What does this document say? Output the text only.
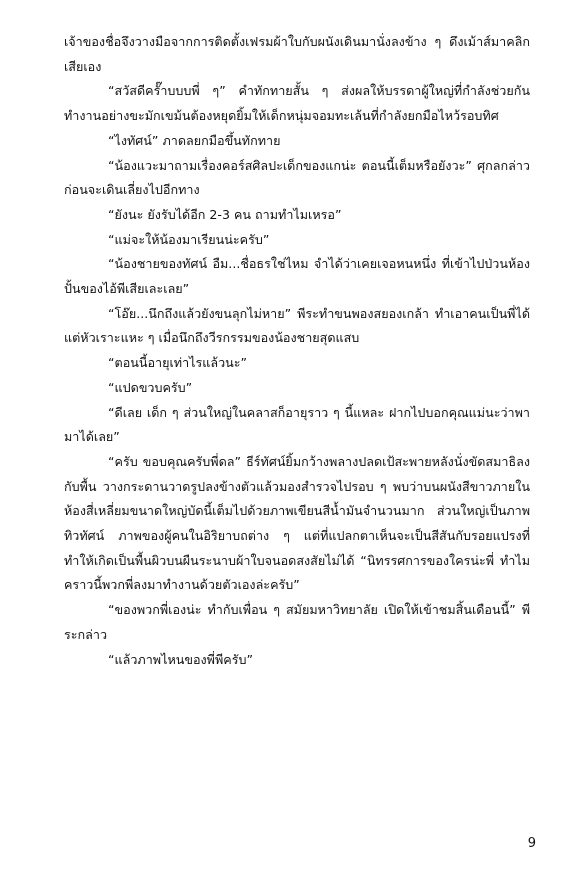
เจ้าของชื่อจึงวางมือจากการติดตั้งเฟรมผ้าใบกับผนังเดินมานั่งลงข้าง ๆ ดึงเม้าส์มาคลิกเสียเอง

“สวัสดีครั๊าบบบพี่ ๆ” คำทักทายสั้น ๆ ส่งผลให้บรรดาผู้ใหญ่ที่กำลังช่วยกันทำงานอย่างขะมักเขม้นต้องหยุดยิ้มให้เด็กหนุ่มจอมทะเล้นที่กำลังยกมือไหว้รอบทิศ

“ไงทัศน์” ภาดลยกมือขึ้นทักทาย

“น้องแวะมาถามเรื่องคอร์สศิลปะเด็กของแกน่ะ ตอนนี้เต็มหรือยังวะ” ศุกลกล่าวก่อนจะเดินเลี่ยงไปอีกทาง

“ยังนะ ยังรับได้อีก 2-3 คน ถามทำไมเหรอ”

“แม่จะให้น้องมาเรียนน่ะครับ”

“น้องชายของทัศน์ อืม...ชื่อธรใช่ไหม จำได้ว่าเคยเจอหนหนึ่ง ที่เข้าไปป่วนห้องปั้นของไอ้พีเสียเละเลย”

“โอ๊ย...นึกถึงแล้วยังขนลุกไม่หาย” พีระทำขนพองสยองเกล้า ทำเอาคนเป็นพี่ได้แต่หัวเราะแหะ ๆ เมื่อนึกถึงวีรกรรมของน้องชายสุดแสบ

“ตอนนี้อายุเท่าไรแล้วนะ”

“แปดขวบครับ”

“ดีเลย เด็ก ๆ ส่วนใหญ่ในคลาสก็อายุราว ๆ นี้แหละ ฝากไปบอกคุณแม่นะว่าพามาได้เลย”

“ครับ ขอบคุณครับพี่ดล” ธีร์ทัศน์ยิ้มกว้างพลางปลดเป้สะพายหลังนั่งขัดสมาธิลงกับพื้น วางกระดานวาดรูปลงข้างตัวแล้วมองสำรวจไปรอบ ๆ พบว่าบนผนังสีขาวภายในห้องสี่เหลี่ยมขนาดใหญ่บัดนี้เต็มไปด้วยภาพเขียนสีน้ำมันจำนวนมาก ส่วนใหญ่เป็นภาพทิวทัศน์ ภาพของผู้คนในอิริยาบถต่าง ๆ แต่ที่แปลกตาเห็นจะเป็นสีสันกับรอยแปรงที่ทำให้เกิดเป็นพื้นผิวบนผืนระนาบผ้าใบจนอดสงสัยไม่ได้ “นิทรรศการของใครน่ะพี่ ทำไมคราวนี้พวกพี่ลงมาทำงานด้วยตัวเองล่ะครับ”

“ของพวกพี่เองน่ะ ทำกับเพื่อน ๆ สมัยมหาวิทยาลัย เปิดให้เข้าชมสิ้นเดือนนี้” พีระกล่าว

“แล้วภาพไหนของพี่พีครับ”

9
